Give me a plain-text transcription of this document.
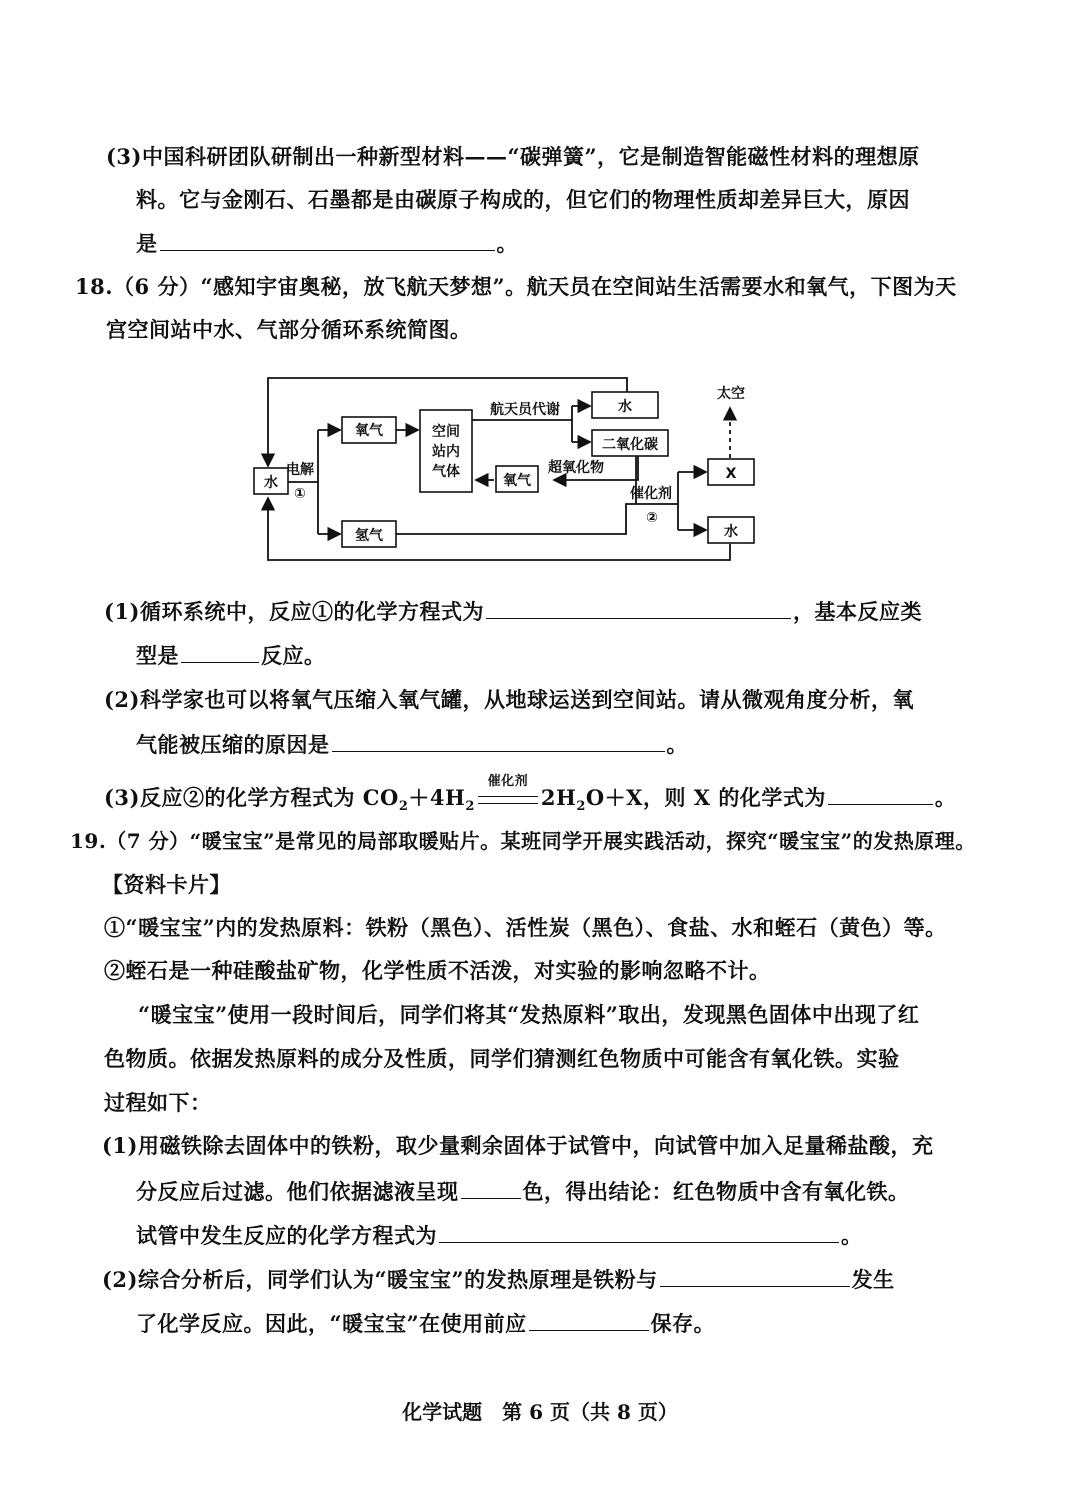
(3)中国科研团队研制出一种新型材料——“碳弹簧”，它是制造智能磁性材料的理想原
料。它与金刚石、石墨都是由碳原子构成的，但它们的物理性质却差异巨大，原因
是	。
18.（6 分）“感知宇宙奥秘，放飞航天梦想”。航天员在空间站生活需要水和氧气，下图为天
宫空间站中水、气部分循环系统简图。
水
电解
①
氧气	空间
站内
气体
航天员代谢	水
二氧化碳
超氧化物
氧气
催化剂
②
X
太空
氢气	水
(1)循环系统中，反应①的化学方程式为	，基本反应类
型是	反应。
(2)科学家也可以将氧气压缩入氧气罐，从地球运送到空间站。请从微观角度分析，氧
气能被压缩的原因是	。
(3)反应②的化学方程式为 $CO_2+4H_2$
催化剂
$2H_2O+X$，则 X 的化学式为	。
19.（7 分）“暖宝宝”是常见的局部取暖贴片。某班同学开展实践活动，探究“暖宝宝”的发热原理。
【资料卡片】
①“暖宝宝”内的发热原料：铁粉（黑色）、活性炭（黑色）、食盐、水和蛭石（黄色）等。
②蛭石是一种硅酸盐矿物，化学性质不活泼，对实验的影响忽略不计。
“暖宝宝”使用一段时间后，同学们将其“发热原料”取出，发现黑色固体中出现了红
色物质。依据发热原料的成分及性质，同学们猜测红色物质中可能含有氧化铁。实验
过程如下：
(1)用磁铁除去固体中的铁粉，取少量剩余固体于试管中，向试管中加入足量稀盐酸，充
分反应后过滤。他们依据滤液呈现	色，得出结论：红色物质中含有氧化铁。
试管中发生反应的化学方程式为	。
(2)综合分析后，同学们认为“暖宝宝”的发热原理是铁粉与	发生
了化学反应。因此，“暖宝宝”在使用前应	保存。
化学试题　第 6 页（共 8 页）
